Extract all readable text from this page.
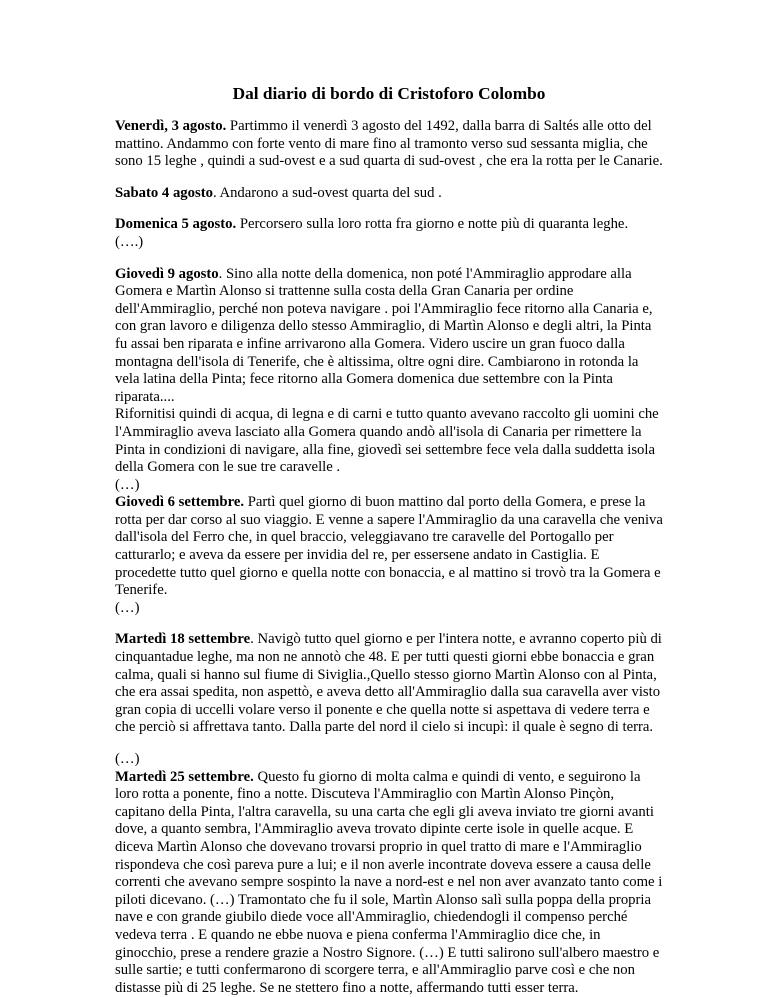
Dal diario di bordo di Cristoforo Colombo

Venerdì, 3 agosto. Partimmo il venerdì 3 agosto del 1492, dalla barra di Saltés alle otto del mattino. Andammo con forte vento di mare fino al tramonto verso sud sessanta miglia, che sono 15 leghe , quindi a sud-ovest e a sud quarta di sud-ovest , che era la rotta per le Canarie.

Sabato 4 agosto. Andarono a sud-ovest quarta del sud .

Domenica 5 agosto. Percorsero sulla loro rotta fra giorno e notte più di quaranta leghe.
(….)

Giovedì 9 agosto. Sino alla notte della domenica, non poté l'Ammiraglio approdare alla Gomera e Martìn Alonso si trattenne sulla costa della Gran Canaria per ordine dell'Ammiraglio, perché non poteva navigare . poi l'Ammiraglio fece ritorno alla Canaria e, con gran lavoro e diligenza dello stesso Ammiraglio, di Martìn Alonso e degli altri, la Pinta fu assai ben riparata e infine arrivarono alla Gomera. Videro uscire un gran fuoco dalla montagna dell'isola di Tenerife, che è altissima, oltre ogni dire. Cambiarono in rotonda la vela latina della Pinta; fece ritorno alla Gomera domenica due settembre con la Pinta riparata....
Rifornitisi quindi di acqua, di legna e di carni e tutto quanto avevano raccolto gli uomini che l'Ammiraglio aveva lasciato alla Gomera quando andò all'isola di Canaria per rimettere la Pinta in condizioni di navigare, alla fine, giovedì sei settembre fece vela dalla suddetta isola della Gomera con le sue tre caravelle .
(…)
Giovedì 6 settembre. Partì quel giorno di buon mattino dal porto della Gomera, e prese la rotta per dar corso al suo viaggio. E venne a sapere l'Ammiraglio da una caravella che veniva dall'isola del Ferro che, in quel braccio, veleggiavano tre caravelle del Portogallo per catturarlo; e aveva da essere per invidia del re, per essersene andato in Castiglia. E procedette tutto quel giorno e quella notte con bonaccia, e al mattino si trovò tra la Gomera e Tenerife.
(…)

Martedì 18 settembre. Navigò tutto quel giorno e per l'intera notte, e avranno coperto più di cinquantadue leghe, ma non ne annotò che 48. E per tutti questi giorni ebbe bonaccia e gran calma, quali si hanno sul fiume di Siviglia.,Quello stesso giorno Martìn Alonso con al Pinta, che era assai spedita, non aspettò, e aveva detto all'Ammiraglio dalla sua caravella aver visto gran copia di uccelli volare verso il ponente e che quella notte si aspettava di vedere terra e che perciò si affrettava tanto. Dalla parte del nord il cielo si incupì: il quale è segno di terra.

(…)
Martedì 25 settembre. Questo fu giorno di molta calma e quindi di vento, e seguirono la loro rotta a ponente, fino a notte. Discuteva l'Ammiraglio con Martìn Alonso Pinçòn, capitano della Pinta, l'altra caravella, su una carta che egli gli aveva inviato tre giorni avanti dove, a quanto sembra, l'Ammiraglio aveva trovato dipinte certe isole in quelle acque. E diceva Martìn Alonso che dovevano trovarsi proprio in quel tratto di mare e l'Ammiraglio rispondeva che così pareva pure a lui; e il non averle incontrate doveva essere a causa delle correnti che avevano sempre sospinto la nave a nord-est e nel non aver avanzato tanto come i piloti dicevano. (…) Tramontato che fu il sole, Martìn Alonso salì sulla poppa della propria nave e con grande giubilo diede voce all'Ammiraglio, chiedendogli il compenso perché vedeva terra . E quando ne ebbe nuova e piena conferma l'Ammiraglio dice che, in ginocchio, prese a rendere grazie a Nostro Signore. (…) E tutti salirono sull'albero maestro e sulle sartie; e tutti confermarono di scorgere terra, e all'Ammiraglio parve così e che non distasse più di 25 leghe. Se ne stettero fino a notte, affermando tutti esser terra.
